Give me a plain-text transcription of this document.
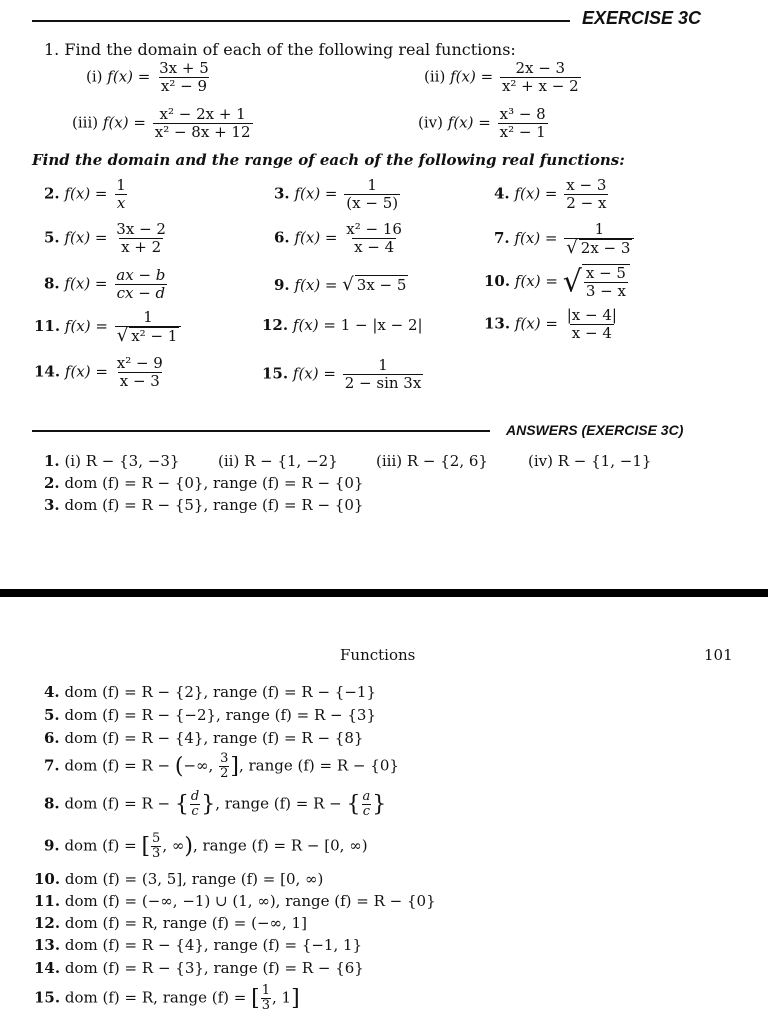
EXERCISE 3C
1. Find the domain of each of the following real functions:
(i) $f(x) = \frac{3x + 5}{\text{x² − 9}}$	(ii) $f(x) = \frac{2x - 3}{\text{x² + x − 2}}$
(iii) $f(x) = \frac{\text{x² − 2x + 1}}{\text{x² − 8x + 12}}$	(iv) $f(x) = \frac{\text{x³ − 8}}{\text{x² − 1}}$
Find the domain and the range of each of the following real functions:
2. $f(x) = \frac{1}{x}$	3. $f(x) = \frac{1}{(x - 5)}$	4. $f(x) = \frac{x - 3}{2 - x}$
5. $f(x) = \frac{3x - 2}{x + 2}$	6. $f(x) = \frac{\text{x² − 16}}{x - 4}$	7. $f(x) = \frac{1}{√ 2x - 3}$
8. $f(x) = \frac{ax - b}{cx - d}$	9. f(x) = √ 3x − 5	10. f(x) = √ $\frac{x - 5}{3 - x}$
11. $f(x) = \frac{1}{\text{√ x² − 1}}$	12. f(x) = 1 − |x − 2|	13. $f(x) = \frac{|x - 4|}{x - 4}$
14. $f(x) = \frac{\text{x² − 9}}{x - 3}$	15. $f(x) = \frac{1}{2 - \sin 3x}$
ANSWERS (EXERCISE 3C)
1. (i) R − {3, −3}	(ii) R − {1, −2}	(iii) R − {2, 6}	(iv) R − {1, −1}
2. dom (f) = R − {0}, range (f) = R − {0}
3. dom (f) = R − {5}, range (f) = R − {0}
Functions	101
4. dom (f) = R − {2}, range (f) = R − {−1}
5. dom (f) = R − {−2}, range (f) = R − {3}
6. dom (f) = R − {4}, range (f) = R − {8}
7. dom (f) = R − (−∞, $\frac{3}{2}$ ], range (f) = R − {0}
8. dom (f) = R − { $\frac{d}{c}$ }, range (f) = R − { $\frac{a}{c}$ }
9. dom (f) = [ $\frac{5}{3}$ , ∞), range (f) = R − [0, ∞)
10. dom (f) = (3, 5], range (f) = [0, ∞)
11. dom (f) = (−∞, −1) ∪ (1, ∞), range (f) = R − {0}
12. dom (f) = R, range (f) = (−∞, 1]
13. dom (f) = R − {4}, range (f) = {−1, 1}
14. dom (f) = R − {3}, range (f) = R − {6}
15. dom (f) = R, range (f) = [ $\frac{1}{3}$ , 1]
